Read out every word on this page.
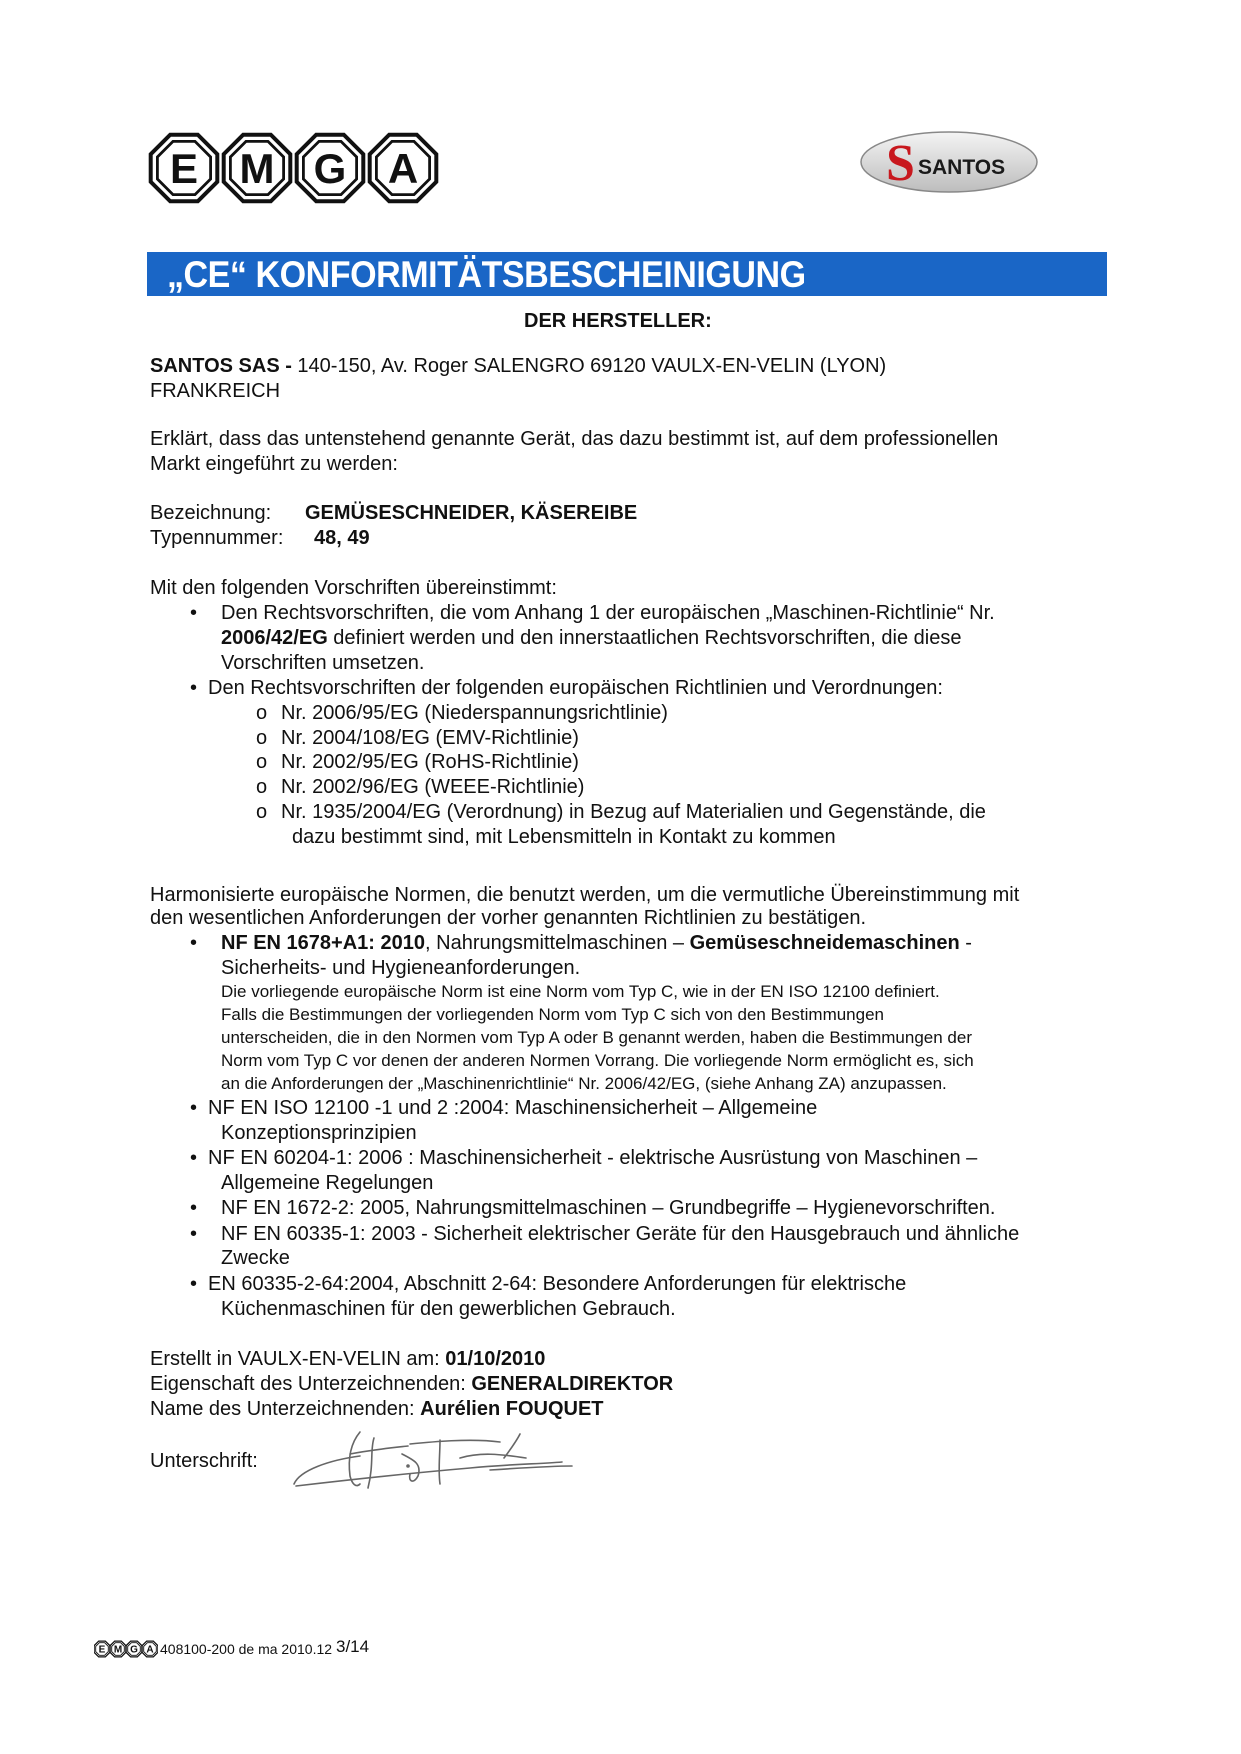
E M G A	S SANTOS
„CE“ KONFORMITÄTSBESCHEINIGUNG
DER HERSTELLER:
SANTOS SAS - 140-150, Av. Roger SALENGRO 69120 VAULX-EN-VELIN (LYON)
FRANKREICH
Erklärt, dass das untenstehend genannte Gerät, das dazu bestimmt ist, auf dem professionellen
Markt eingeführt zu werden:
Bezeichnung: GEMÜSESCHNEIDER, KÄSEREIBE
Typennummer: 48, 49
Mit den folgenden Vorschriften übereinstimmt:
• Den Rechtsvorschriften, die vom Anhang 1 der europäischen „Maschinen-Richtlinie“ Nr.
2006/42/EG definiert werden und den innerstaatlichen Rechtsvorschriften, die diese
Vorschriften umsetzen.
• Den Rechtsvorschriften der folgenden europäischen Richtlinien und Verordnungen:
o Nr. 2006/95/EG (Niederspannungsrichtlinie)
o Nr. 2004/108/EG (EMV-Richtlinie)
o Nr. 2002/95/EG (RoHS-Richtlinie)
o Nr. 2002/96/EG (WEEE-Richtlinie)
o Nr. 1935/2004/EG (Verordnung) in Bezug auf Materialien und Gegenstände, die
dazu bestimmt sind, mit Lebensmitteln in Kontakt zu kommen
Harmonisierte europäische Normen, die benutzt werden, um die vermutliche Übereinstimmung mit
den wesentlichen Anforderungen der vorher genannten Richtlinien zu bestätigen.
• NF EN 1678+A1: 2010, Nahrungsmittelmaschinen – Gemüseschneidemaschinen -
Sicherheits- und Hygieneanforderungen.
Die vorliegende europäische Norm ist eine Norm vom Typ C, wie in der EN ISO 12100 definiert.
Falls die Bestimmungen der vorliegenden Norm vom Typ C sich von den Bestimmungen
unterscheiden, die in den Normen vom Typ A oder B genannt werden, haben die Bestimmungen der
Norm vom Typ C vor denen der anderen Normen Vorrang. Die vorliegende Norm ermöglicht es, sich
an die Anforderungen der „Maschinenrichtlinie“ Nr. 2006/42/EG, (siehe Anhang ZA) anzupassen.
• NF EN ISO 12100 -1 und 2 :2004: Maschinensicherheit – Allgemeine
Konzeptionsprinzipien
• NF EN 60204-1: 2006 : Maschinensicherheit - elektrische Ausrüstung von Maschinen –
Allgemeine Regelungen
• NF EN 1672-2: 2005, Nahrungsmittelmaschinen – Grundbegriffe – Hygienevorschriften.
• NF EN 60335-1: 2003 - Sicherheit elektrischer Geräte für den Hausgebrauch und ähnliche
Zwecke
• EN 60335-2-64:2004, Abschnitt 2-64: Besondere Anforderungen für elektrische
Küchenmaschinen für den gewerblichen Gebrauch.
Erstellt in VAULX-EN-VELIN am: 01/10/2010
Eigenschaft des Unterzeichnenden: GENERALDIREKTOR
Name des Unterzeichnenden: Aurélien FOUQUET
Unterschrift:
E M G A 408100-200 de ma 2010.12 3/14
